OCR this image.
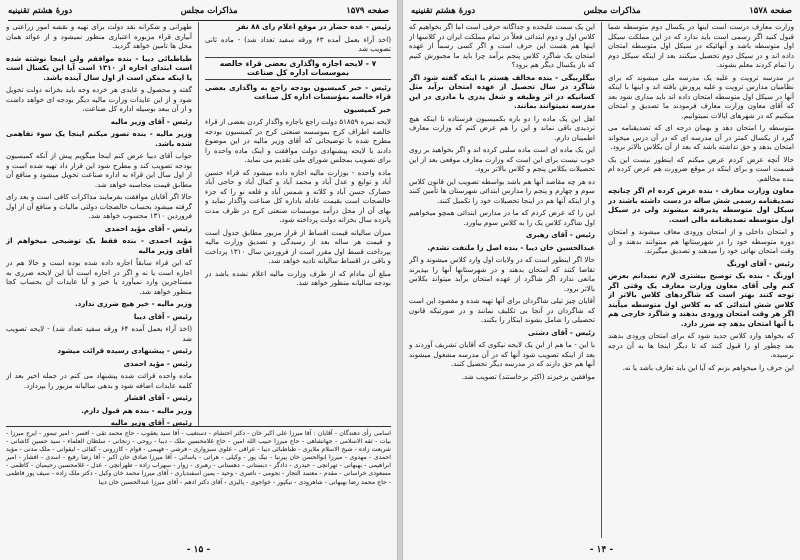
صفحه ۱۵۷۹
مذاکرات مجلس
دورهٔ هشتم تقنینیه

رئیس - عده حضار در موقع اعلام رای ۸۸ نفر

(اخذ آراء بعمل آمده ۶۳ ورقه سفید تعداد شد) - ماده ثانی تصویب شد

۷ - لایحه اجازه واگذاری بعضی قراء خالصه بموسسات اداره کل صناعت

رئیس - خبر کمیسیون بودجه راجع به واگذاری بعضی قراء خالصه بمؤسسات اداره کل صناعت

خبر کمیسیون

لایحه نمره ۵۱۸۵۹ دولت راجع باجازه واگذار کردن بعضی از قراء خالصه اطراف کرج بموسسه صنعتی کرج در کمیسیون بودجه مطرح شده با توضیحاتی که آقای وزیر مالیه در این موضوع دادند با لایحه پیشنهادی دولت موافقت و اینک ماده واحده را برای تصویب بمجلس شورای ملی تقدیم می نماید.

ماده واحده - بوزارت مالیه اجازه داده میشود که قراء حسین آباد و توابع و عدل آباد و محمد آباد و کمال آباد و حاجی آباد حصارک حسن آباد و کلاته و شمس آباد و قلعه نو را که جزء خالصجات است بقیمت عادله باداره کل صناعت واگذار نماید و بهای آن از محل درآمد موسسات صنعتی کرج در ظرف مدت پانزده سال بخزانه دولت پرداخته شود.

میزان سالیانه قیمت اقساط از قرار مزبور مطابق جدول است و قیمت هر ساله بعد از رسیدگی و تصدیق وزارت مالیه بپرداخت قسط اول مقرر است از فروردین سال ۱۳۱۰ پرداخت و باقی در اقساط سالیانه تادیه خواهد شد.

مبلغ آن مادام که از طرف وزارت مالیه اعلام نشده باشد در بودجه سالیانه منظور خواهد شد.

طهرانی و شکرانه نقد دولت برای تهیه و نقشه امور زراعتی و آبیاری قراء مزبوره اعتباری منظور نمیشود و از عوائد همان محل ها تامین خواهد گردید.

طباطبائی دیبا - بنده موافقم ولی اینجا نوشته شده است ابتدای اجاره از ۱۳۱۰ است آیا این یکسال است یا اینکه ممکن است از اول سال آینده باشد.

گفته و محصول و عایدی هر خرده وجه باید بخزانه دولت تحویل شود و از این عایدات وزارت مالیه دیگر بودجه ای خواهد داشت و از آن ببعد بوسیله اداره کل صناعت.

رئیس - آقای وزیر مالیه

وزیر مالیه - بنده تصور میکنم اینجا یک سوء تفاهمی شده باشد.

جواب آقای دیبا عرض کنم اینجا میگویم پیش از آنکه کمیسیون بودجه تصویب کند و مطرح شود این قرار داد تهیه شده است و از اول سال این قراء به اداره صناعت تحویل میشود و منافع آن مطابق قیمت محاسبه خواهد شد.

حالا اگر آقایان موافقت بفرمایند مذاکرات کافی است و بعد رای گرفته میشود بحساب خالصجات دولتی مالیات و منافع آن از اول فروردین ۱۳۱۰ محسوب خواهد شد.

رئیس - آقای مؤید احمدی

مؤید احمدی - بنده فقط یک توضیحی میخواهم از آقای وزیر مالیه

که این قراء سابقاً اجاره داده شده بوده است و حالا هم در اجاره است یا نه و اگر در اجاره است آیا این لایحه ضرری به مستاجرین وارد نمیآورد یا خیر و آیا عایدات آن بحساب کجا منظور خواهد شد.

وزیر مالیه - خیر هیچ ضرری ندارد.

رئیس - آقای دیبا

(اخذ آراء بعمل آمده ۶۴ ورقه سفید تعداد شد) - لایحه تصویب شد

رئیس - پیشنهادی رسیده قرائت میشود

رئیس - مؤید احمدی

ماده واحده قرائت شده پیشنهاد می کنم در جمله اخیر بعد از کلمه عایدات اضافه شود و بدهی سالیانه مزبور را بپردازد.

رئیس - آقای افشار

وزیر مالیه - بنده هم قبول دارم.

رئیس - آقای وزیر مالیه

اسامی رأی دهندگان - آقایان : آقا میرزا علی اکبر خان - دکتر احتشام - دستغیب - آقا سید یعقوب - حاج محمد تقی - افسر - امیر تیمور - ایرج میرزا - بیات - ثقه الاسلامی - جهانشاهی - حاج میرزا حبیب الله امین - حاج غلامحسین ملک - دیبا - روحی - زنجانی - سلطان العلماء - سید حسین کاشانی - شریعت زاده - شیخ الاسلام ملایری - طباطبائی دیبا - عراقی - علوی سبزواری - فرشی - فهیمی - قوام - کازرونی - کفائی - لیقوانی - ملک مدنی - مؤید احمدی - مهدوی - میرزا ابوالحسن خان پیرنیا - نیک پور - وکیلی - هراتی - یاسائی - آقا میرزا صادق خان اکبر - آقا رضا رفیع - اسدی - افشار - امیر ابراهیمی - بهبهانی - تهرانچی - حیدری - دادگر - دبستانی - دهستانی - رهبری - زوار - سهراب زاده - طهرانچی - عدل - غلامحسین رحیمیان - کاظمی - مسعودی خراسانی - مقدم - معتمد التجار - نجومی - ناصری - وحید - یمین اسفندیاری - آقای میرزا محمد خان وکیل - دکتر ملک زاده - سیف پور فاطمی - حاج محمد رضا بهبهانی - شاهرودی - نیکپور - خواجوی - پالیزی - آقای دکتر ادهم - آقای میرزا عبدالحسین خان دیبا
- ۱۵ -
صفحه ۱۵۷۸
مذاکرات مجلس
دورهٔ هشتم تقنینیه

وزارت معارف درست است اینها در یکسال دوم متوسطه شما قبول کنید اگر رسمی است باید ندارد که در این مملکت سیکل اول متوسطه باشد و آنهائیکه در سیکل اول متوسطه امتحان داده اند و در سیکل دوم تحصیل میکنند بعد از اینکه سیکل دوم را تمام کردند معلم بشوند.

در مدرسه ترویت و علیه یک مدرسه ملی میشوند که برای نظامیان مدارس ترویت و علیه پرورش یافته اند و اینها با اینکه آنها در سیکل اول متوسطه امتحان داده اند باید مداری شود بعد که آقای معاون وزارت معارف فرمودند ما تصدیق و امتحان میکنیم که در شهرهای ایالات نمیتوانیم.

متوسطه را امتحان دهد و بهمان درجه ای که تصدیقنامه می گیرد از یکسال کمتر در آن مدرسه ای که در آن درس میخواند امتحان بدهد و حق نداشته باشد که بعد از آن بکلاس بالاتر برود.

حالا آنچه عرض کردم عرض میکنم که اینطور نیست این یک قسمت است و برای اینکه در موقع ضرورت هم عرض کرده ام بنده مخالفم.

معاون وزارت معارف - بنده عرض کرده ام اگر چنانچه تصدیقنامه رسمی شش ساله در دست داشته باشند در سیکل اول متوسطه پذیرفته میشوند ولی در سیکل اول متوسطه تصدیقنامه مالی است.

و امتحان داخلی و از امتحان ورودی معاف میشوند و امتحان دوره متوسطه خود را در شهرستانها هم میتوانند بدهند و آن وقت امتحان نهائی خود را میدهند و تصدیق میگیرند.

رئیس - آقای اورنگ

اورنگ - بنده یک توضیح بیشتری لازم نمیدانم بعرض کنم ولی آقای معاون وزارت معارف یک وقتی اگر توجه کنند بهتر است که شاگردهای کلاس بالاتر از کلاس شش ابتدائی که به کلاس اول متوسطه میآیند اگر هر وقت امتحان ورودی بدهند و شاگرد خارجی هم با آنها امتحان بدهد چه ضرر دارد.

که بخواهد وارد کلاس جدید شود که برای امتحان ورودی بدهند بعد چطور او را قبول کنند که تا دیگر اینجا ها به آن درجه نرسیده.

این حرف را میخواهم بزنم که آیا این باید تعارف باشد یا نه.

این یک سمت علیحده و جداگانه حرفی است اما اگر بخواهیم که کلاس اول و دوم ابتدائی فعلاً در تمام مملکت ایران در کلاسها از اینها هم هست این حرف است و اگر کسی رسماً از عهده امتحان یک شاگرد کلاس پنجم برآمد چرا باید ما مجبورش کنیم که باز یکسال دیگر هم برود؟

بیگلربیگی - بنده مخالف هستم با اینکه گفته شود اگر شاگرد در سال تحصیل از عهده امتحان برآید مثل کسانیکه در اثر وظیفه و شغل پدری یا مادری در این مدرسه نمیتوانند بمانند.

اهل این یک ماده را دو باره بکمیسیون فرستاده تا اینکه هیچ تردیدی باقی نماند و این را هم عرض کنم که وزارت معارف اطمینان دارم.

این یک ماده ای است ماده سلبی کرده اند و اگر بخواهید بر روی خوب نیست برای این است که وزارت معارف موقعی بعد از این تحصیلات بکلاس پنجم و کلاس بالاتر برود.

ده هر چه مقاصد آنها هم باشد بواسطه تصویب این قانون کلاس سوم و چهارم و پنجم را مدارس ابتدائی شهرستان ها تأمین کنند و از اینکه آنها هم در اینجا تحصیلات خود را تکمیل کنند.

این را که عرض کردم که ما در مدارس ابتدائی همچو میخواهیم اول شاگرد کلاس یک را به کلاس سوم بیاورد.

رئیس - آقای رهبری

عبدالحسین خان دیبا - بنده اصل را ملتفت نشدم.

حالا اگر اینطور است که در ولایات اول وارد کلاس میشوند و اگر تقاضا کنند که امتحان بدهند و در شهرستانها آنها را بپذیرند مانعی ندارد اگر شاگرد از عهده امتحان برآید میتواند بکلاس بالاتر برود.

آقایان چیز تیلی شاگردان برای آنها تهیه شده و مقصود این است که شاگردان در آنجا بی تکلیف نمانند و در صورتیکه قانون تحصیلی را شامل بشوند اینکار را بکنند.

رئیس - آقای دشتی

با این - ما هم از این یک لایحه نیکوی که آقایان تشریف آوردند و بعد از اینکه تصویب شود آنها که در آن مدرسه مشغول میشوند آنها هم حق دارند که در مدرسه دیگر تحصیل کنند.

موافقین برخیزند (اکثر برخاستند) تصویب شد.

- ۱۴ -
